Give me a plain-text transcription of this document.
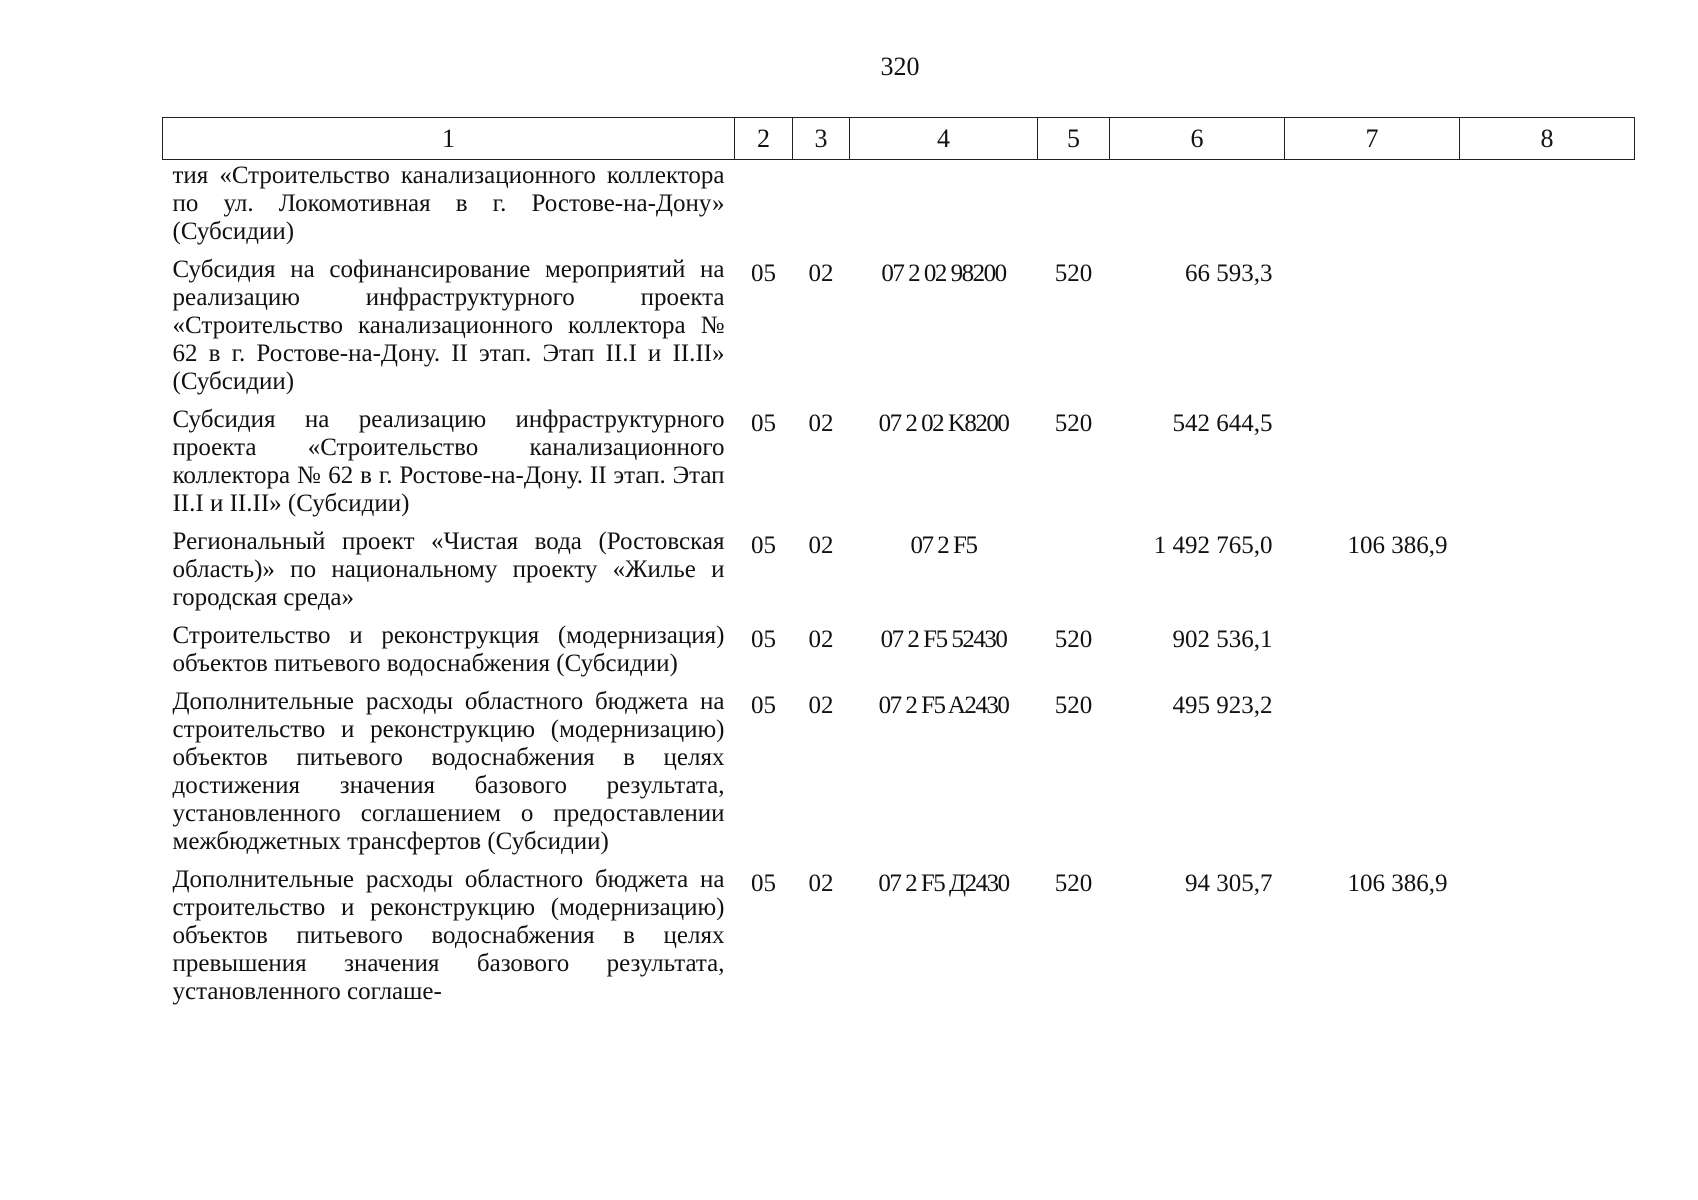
320
1	2	3	4	5	6	7	8
тия «Строительство канализационного коллектора по ул. Локомотивная в г. Ростове-на-Дону» (Субсидии)							
Субсидия на софинансирование мероприятий на реализацию инфраструктурного проекта «Строительство канализационного коллектора № 62 в г. Ростове-на-Дону. II этап. Этап II.I и II.II» (Субсидии)	05	02	07 2 02 98200	520	66 593,3		
Субсидия на реализацию инфраструктурного проекта «Строительство канализационного коллектора № 62 в г. Ростове-на-Дону. II этап. Этап II.I и II.II» (Субсидии)	05	02	07 2 02 K8200	520	542 644,5		
Региональный проект «Чистая вода (Ростовская область)» по национальному проекту «Жилье и городская среда»	05	02	07 2 F5		1 492 765,0	106 386,9	
Строительство и реконструкция (модернизация) объектов питьевого водоснабжения (Субсидии)	05	02	07 2 F5 52430	520	902 536,1		
Дополнительные расходы областного бюджета на строительство и реконструкцию (модернизацию) объектов питьевого водоснабжения в целях достижения значения базового результата, установленного соглашением о предоставлении межбюджетных трансфертов (Субсидии)	05	02	07 2 F5 A2430	520	495 923,2		
Дополнительные расходы областного бюджета на строительство и реконструкцию (модернизацию) объектов питьевого водоснабжения в целях превышения значения базового результата, установленного соглаше-	05	02	07 2 F5 Д2430	520	94 305,7	106 386,9	
